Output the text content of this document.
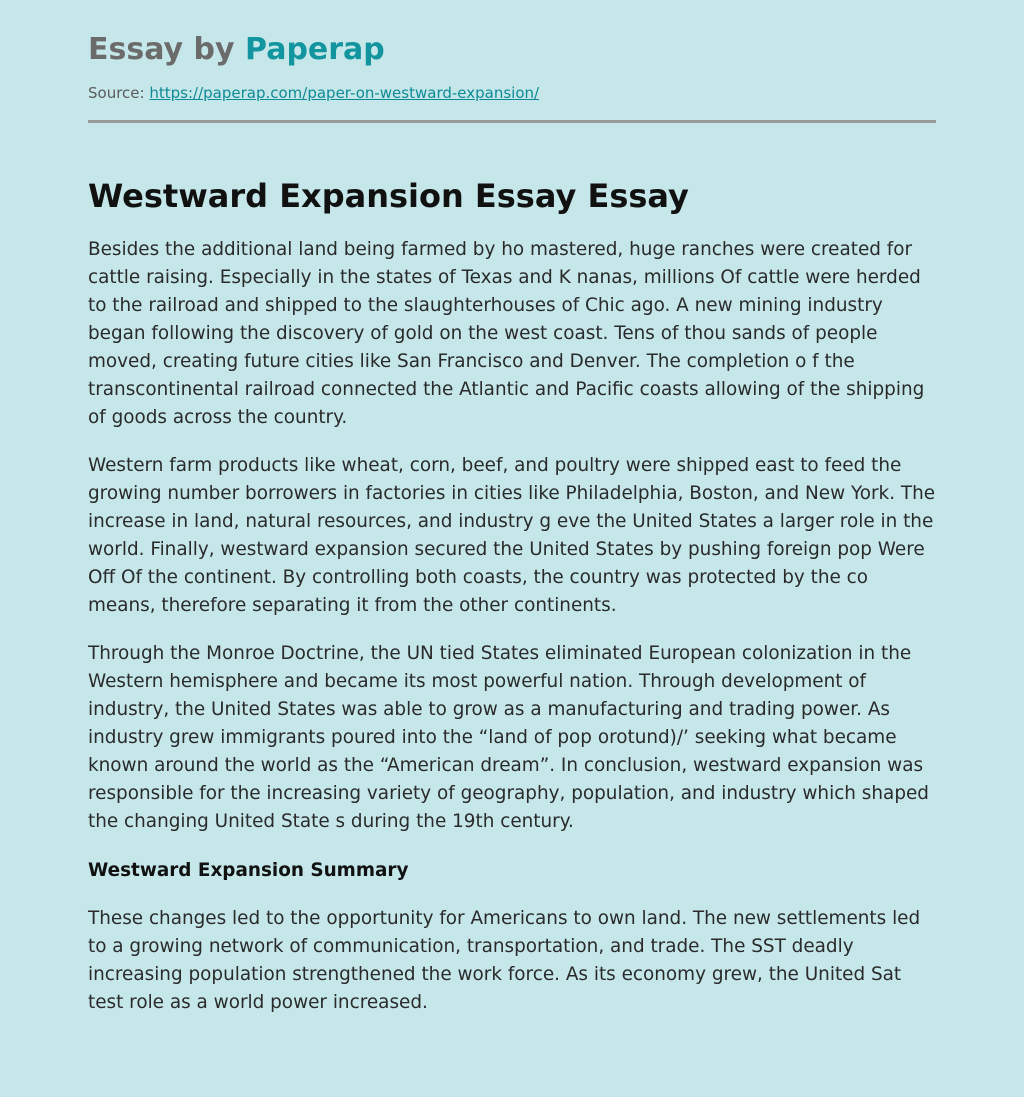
Essay by Paperap

Source: https://paperap.com/paper-on-westward-expansion/
Westward Expansion Essay Essay

Besides the additional land being farmed by ho mastered, huge ranches were created for cattle raising. Especially in the states of Texas and K nanas, millions Of cattle were herded to the railroad and shipped to the slaughterhouses of Chic ago. A new mining industry began following the discovery of gold on the west coast. Tens of thou sands of people moved, creating future cities like San Francisco and Denver. The completion o f the transcontinental railroad connected the Atlantic and Pacific coasts allowing of the shipping of goods across the country.

Western farm products like wheat, corn, beef, and poultry were shipped east to feed the growing number borrowers in factories in cities like Philadelphia, Boston, and New York. The increase in land, natural resources, and industry g eve the United States a larger role in the world. Finally, westward expansion secured the United States by pushing foreign pop Were Off Of the continent. By controlling both coasts, the country was protected by the co means, therefore separating it from the other continents.

Through the Monroe Doctrine, the UN tied States eliminated European colonization in the Western hemisphere and became its most powerful nation. Through development of industry, the United States was able to grow as a manufacturing and trading power. As industry grew immigrants poured into the “land of pop orotund)/’ seeking what became known around the world as the “American dream”. In conclusion, westward expansion was responsible for the increasing variety of geography, population, and industry which shaped the changing United State s during the 19th century.

Westward Expansion Summary

These changes led to the opportunity for Americans to own land. The new settlements led to a growing network of communication, transportation, and trade. The SST deadly increasing population strengthened the work force. As its economy grew, the United Sat test role as a world power increased.
